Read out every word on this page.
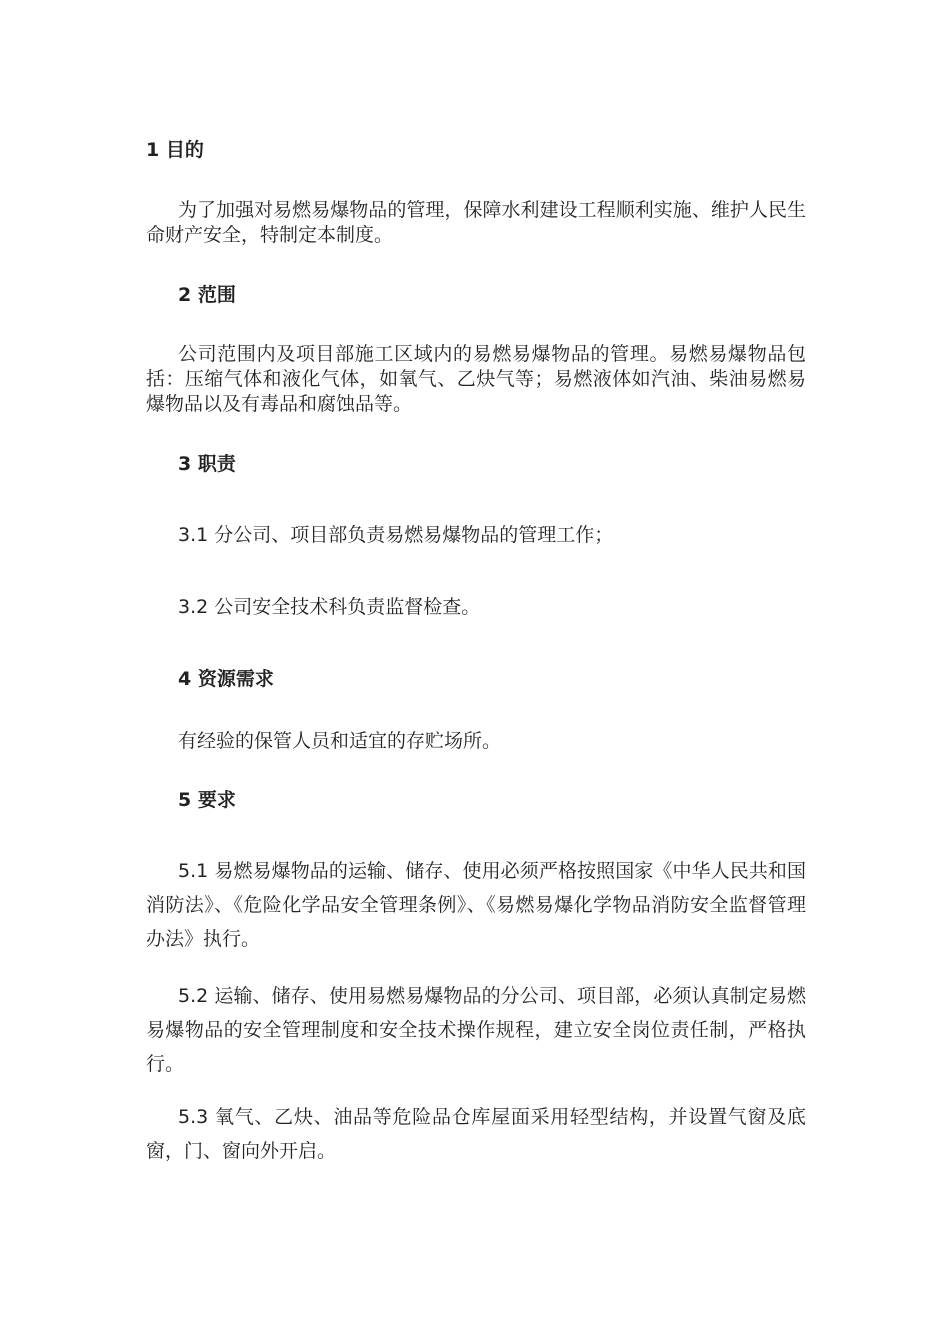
1 目的

为了加强对易燃易爆物品的管理，保障水利建设工程顺利实施、维护人民生命财产安全，特制定本制度。

2 范围

公司范围内及项目部施工区域内的易燃易爆物品的管理。易燃易爆物品包括：压缩气体和液化气体，如氧气、乙炔气等；易燃液体如汽油、柴油易燃易爆物品以及有毒品和腐蚀品等。

3 职责

3.1 分公司、项目部负责易燃易爆物品的管理工作；

3.2 公司安全技术科负责监督检查。

4 资源需求

有经验的保管人员和适宜的存贮场所。

5 要求

5.1 易燃易爆物品的运输、储存、使用必须严格按照国家《中华人民共和国消防法》、《危险化学品安全管理条例》、《易燃易爆化学物品消防安全监督管理办法》执行。

5.2 运输、储存、使用易燃易爆物品的分公司、项目部，必须认真制定易燃易爆物品的安全管理制度和安全技术操作规程，建立安全岗位责任制，严格执行。

5.3 氧气、乙炔、油品等危险品仓库屋面采用轻型结构，并设置气窗及底窗，门、窗向外开启。
